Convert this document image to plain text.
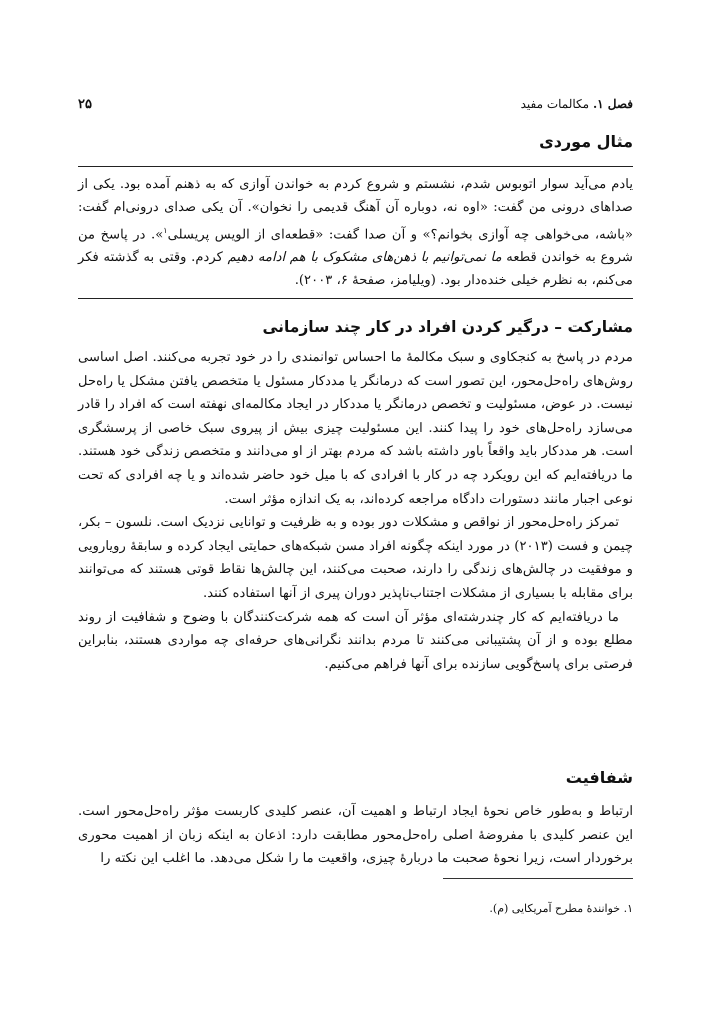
۲۵	فصل ۱. مکالمات مفید
مثال موردی

یادم می‌آید سوار اتوبوس شدم، نشستم و شروع کردم به خواندن آوازی که به ذهنم آمده بود. یکی از صداهای درونی من گفت: «اوه نه، دوباره آن آهنگ قدیمی را نخوان». آن یکی صدای درونی‌ام گفت: «باشه، می‌خواهی چه آوازی بخوانم؟» و آن صدا گفت: «قطعه‌ای از الویس پریسلی$^۱$». در پاسخ من شروع به خواندن قطعه ما نمی‌توانیم با ذهن‌های مشکوک با هم ادامه دهیم کردم. وقتی به گذشته فکر می‌کنم، به نظرم خیلی خنده‌دار بود. (ویلیامز، صفحهٔ ۶، ۲۰۰۳).

مشارکت – درگیر کردن افراد در کار چند سازمانی

مردم در پاسخ به کنجکاوی و سبک مکالمهٔ ما احساس توانمندی را در خود تجربه می‌کنند. اصل اساسی روش‌های راه‌حل‌محور، این تصور است که درمانگر یا مددکار مسئول یا متخصص یافتن مشکل یا راه‌حل نیست. در عوض، مسئولیت و تخصص درمانگر یا مددکار در ایجاد مکالمه‌ای نهفته است که افراد را قادر می‌سازد راه‌حل‌های خود را پیدا کنند. این مسئولیت چیزی بیش از پیروی سبک خاصی از پرسشگری است. هر مددکار باید واقعاً باور داشته باشد که مردم بهتر از او می‌دانند و متخصص زندگی خود هستند. ما دریافته‌ایم که این رویکرد چه در کار با افرادی که با میل خود حاضر شده‌اند و یا چه افرادی که تحت نوعی اجبار مانند دستورات دادگاه مراجعه کرده‌اند، به یک اندازه مؤثر است.

تمرکز راه‌حل‌محور از نواقص و مشکلات دور بوده و به ظرفیت و توانایی نزدیک است. نلسون – بکر، چیمن و فست (۲۰۱۳) در مورد اینکه چگونه افراد مسن شبکه‌های حمایتی ایجاد کرده و سابقهٔ رویارویی و موفقیت در چالش‌های زندگی را دارند، صحبت می‌کنند، این چالش‌ها نقاط قوتی هستند که می‌توانند برای مقابله با بسیاری از مشکلات اجتناب‌ناپذیر دوران پیری از آنها استفاده کنند.

ما دریافته‌ایم که کار چندرشته‌ای مؤثر آن است که همه شرکت‌کنندگان با وضوح و شفافیت از روند مطلع بوده و از آن پشتیبانی می‌کنند تا مردم بدانند نگرانی‌های حرفه‌ای چه مواردی هستند، بنابراین فرصتی برای پاسخ‌گویی سازنده برای آنها فراهم می‌کنیم.

شفافیت

ارتباط و به‌طور خاص نحوهٔ ایجاد ارتباط و اهمیت آن، عنصر کلیدی کاربست مؤثر راه‌حل‌محور است. این عنصر کلیدی با مفروضهٔ اصلی راه‌حل‌محور مطابقت دارد: اذعان به اینکه زبان از اهمیت محوری برخوردار است، زیرا نحوهٔ صحبت ما دربارهٔ چیزی، واقعیت ما را شکل می‌دهد. ما اغلب این نکته را

۱. خوانندهٔ مطرح آمریکایی (م).
